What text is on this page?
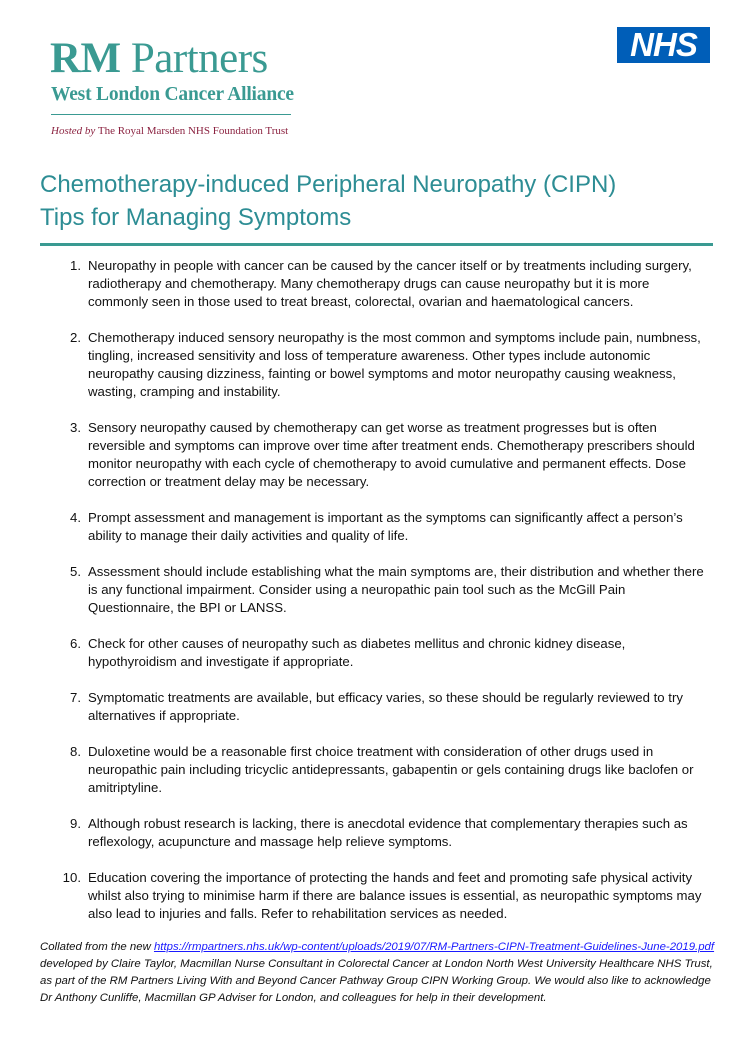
RM Partners
West London Cancer Alliance
Hosted by The Royal Marsden NHS Foundation Trust
NHS
Chemotherapy-induced Peripheral Neuropathy (CIPN)
Tips for Managing Symptoms
1. Neuropathy in people with cancer can be caused by the cancer itself or by treatments including surgery, radiotherapy and chemotherapy. Many chemotherapy drugs can cause neuropathy but it is more commonly seen in those used to treat breast, colorectal, ovarian and haematological cancers.
2. Chemotherapy induced sensory neuropathy is the most common and symptoms include pain, numbness, tingling, increased sensitivity and loss of temperature awareness. Other types include autonomic neuropathy causing dizziness, fainting or bowel symptoms and motor neuropathy causing weakness, wasting, cramping and instability.
3. Sensory neuropathy caused by chemotherapy can get worse as treatment progresses but is often reversible and symptoms can improve over time after treatment ends. Chemotherapy prescribers should monitor neuropathy with each cycle of chemotherapy to avoid cumulative and permanent effects. Dose correction or treatment delay may be necessary.
4. Prompt assessment and management is important as the symptoms can significantly affect a person’s ability to manage their daily activities and quality of life.
5. Assessment should include establishing what the main symptoms are, their distribution and whether there is any functional impairment. Consider using a neuropathic pain tool such as the McGill Pain Questionnaire, the BPI or LANSS.
6. Check for other causes of neuropathy such as diabetes mellitus and chronic kidney disease, hypothyroidism and investigate if appropriate.
7. Symptomatic treatments are available, but efficacy varies, so these should be regularly reviewed to try alternatives if appropriate.
8. Duloxetine would be a reasonable first choice treatment with consideration of other drugs used in neuropathic pain including tricyclic antidepressants, gabapentin or gels containing drugs like baclofen or amitriptyline.
9. Although robust research is lacking, there is anecdotal evidence that complementary therapies such as reflexology, acupuncture and massage help relieve symptoms.
10. Education covering the importance of protecting the hands and feet and promoting safe physical activity whilst also trying to minimise harm if there are balance issues is essential, as neuropathic symptoms may also lead to injuries and falls. Refer to rehabilitation services as needed.
Collated from the new https://rmpartners.nhs.uk/wp-content/uploads/2019/07/RM-Partners-CIPN-Treatment-Guidelines-June-2019.pdf developed by Claire Taylor, Macmillan Nurse Consultant in Colorectal Cancer at London North West University Healthcare NHS Trust, as part of the RM Partners Living With and Beyond Cancer Pathway Group CIPN Working Group. We would also like to acknowledge Dr Anthony Cunliffe, Macmillan GP Adviser for London, and colleagues for help in their development.
